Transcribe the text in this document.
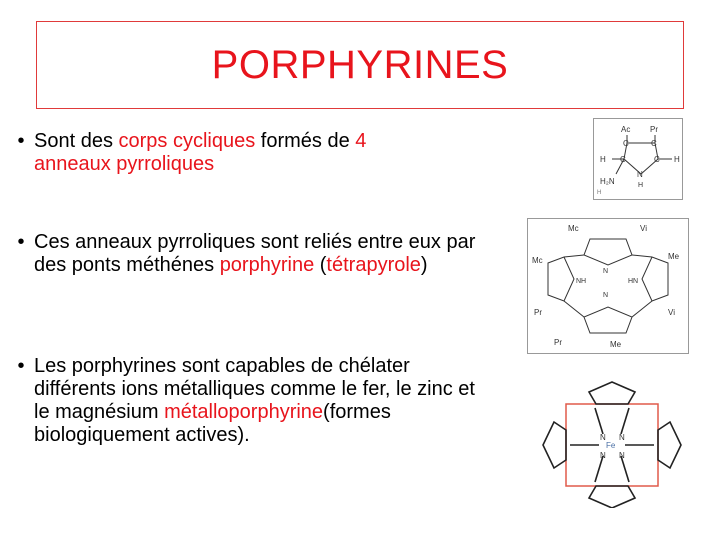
PORPHYRINES
• Sont des corps cycliques formés de 4
anneaux pyrroliques
• Ces anneaux pyrroliques sont reliés entre eux par des ponts méthénes porphyrine (tétrapyrole)
• Les porphyrines sont capables de chélater différents ions métalliques comme le fer, le zinc et le magnésium métalloporphyrine(formes biologiquement actives).
Ac Pr
H	H
C	C
C	C
N
H
H₂N
H
Mc	Vi
Mc	Me
NH
N
N
HN
Pr	Vi
Pr	Me
N N
Fe
N N
